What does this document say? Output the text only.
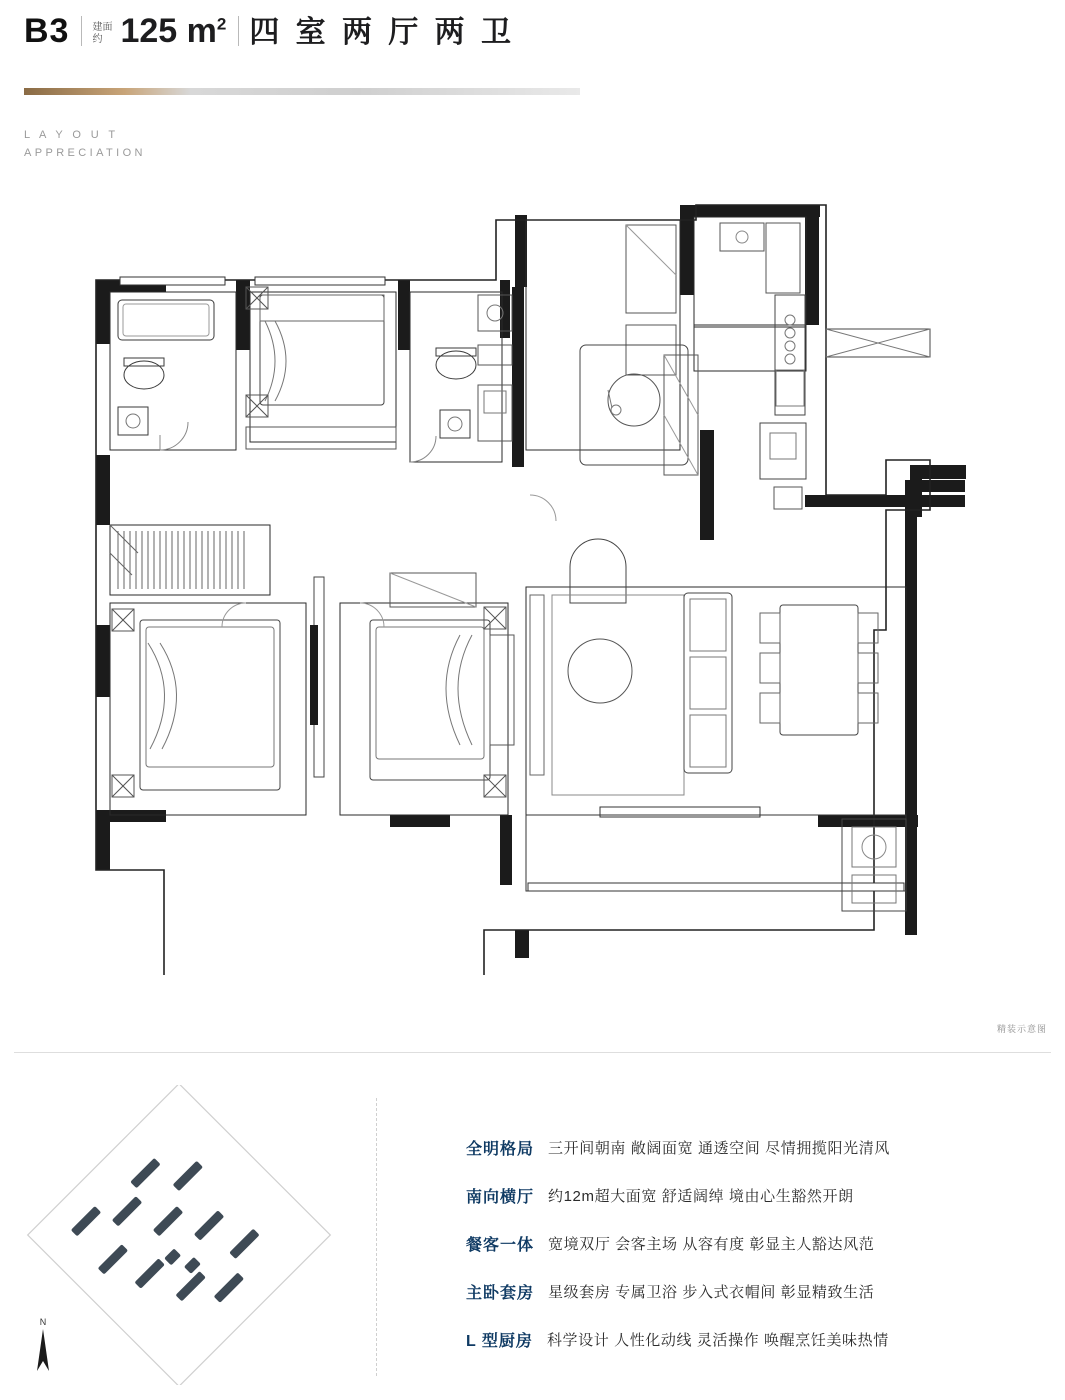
B3 建面约 125 $m^2$ 四 室 两 厅 两 卫
L A Y O U T
APPRECIATION
精装示意图
N
全明格局 三开间朝南 敞阔面宽 通透空间 尽情拥揽阳光清风
南向横厅 约12m超大面宽 舒适阔绰 境由心生豁然开朗
餐客一体 宽境双厅 会客主场 从容有度 彰显主人豁达风范
主卧套房 星级套房 专属卫浴 步入式衣帽间 彰显精致生活
L 型厨房 科学设计 人性化动线 灵活操作 唤醒烹饪美味热情
